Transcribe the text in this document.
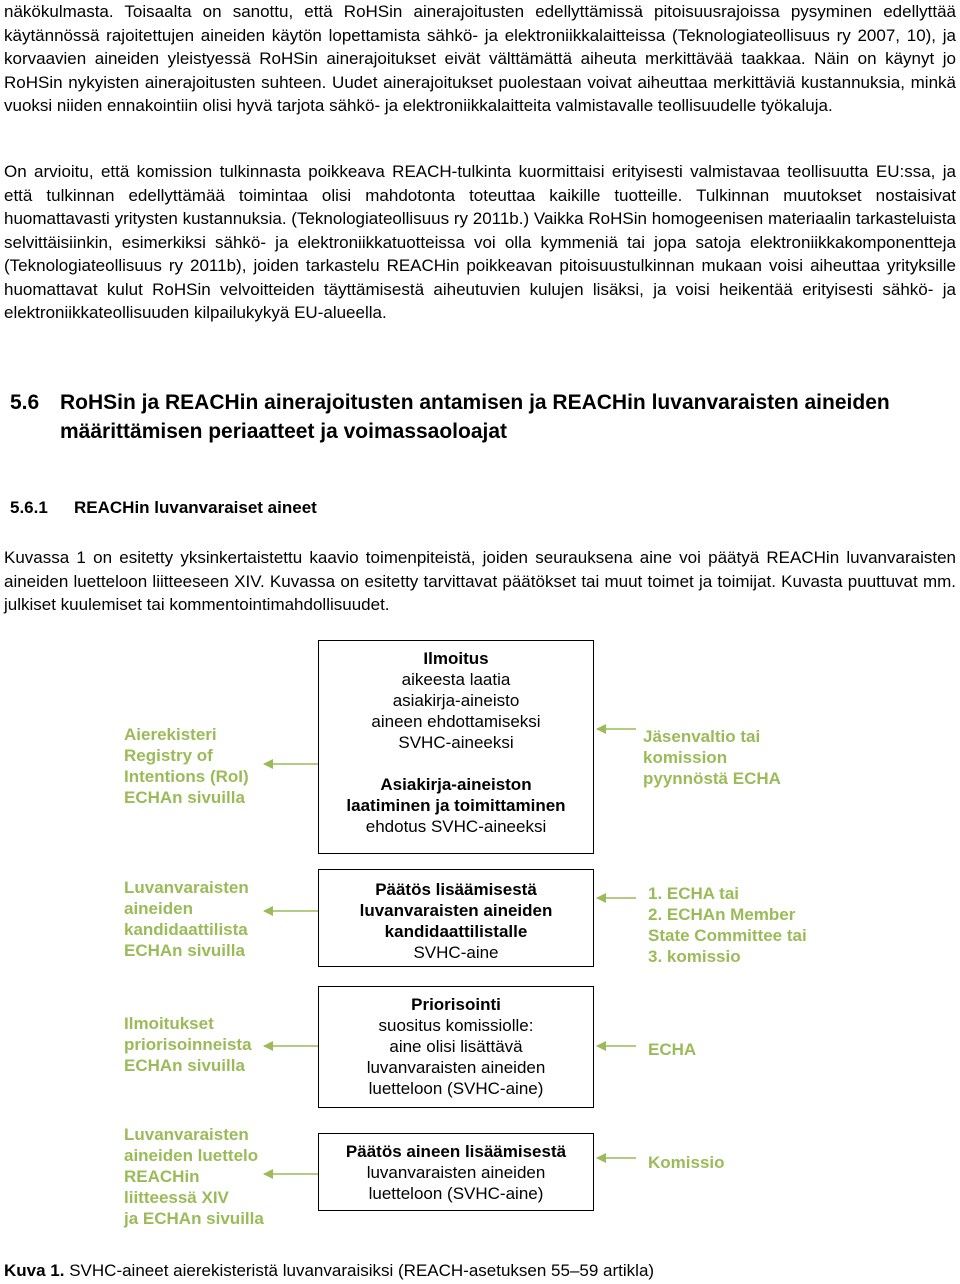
näkökulmasta. Toisaalta on sanottu, että RoHSin ainerajoitusten edellyttämissä pitoisuusrajoissa pysyminen edellyttää käytännössä rajoitettujen aineiden käytön lopettamista sähkö- ja elektroniikkalaitteissa (Teknologiateollisuus ry 2007, 10), ja korvaavien aineiden yleistyessä RoHSin ainerajoitukset eivät välttämättä aiheuta merkittävää taakkaa. Näin on käynyt jo RoHSin nykyisten ainerajoitusten suhteen. Uudet ainerajoitukset puolestaan voivat aiheuttaa merkittäviä kustannuksia, minkä vuoksi niiden ennakointiin olisi hyvä tarjota sähkö- ja elektroniikkalaitteita valmistavalle teollisuudelle työkaluja.

On arvioitu, että komission tulkinnasta poikkeava REACH-tulkinta kuormittaisi erityisesti valmistavaa teollisuutta EU:ssa, ja että tulkinnan edellyttämää toimintaa olisi mahdotonta toteuttaa kaikille tuotteille. Tulkinnan muutokset nostaisivat huomattavasti yritysten kustannuksia. (Teknologiateollisuus ry 2011b.) Vaikka RoHSin homogeenisen materiaalin tarkasteluista selvittäisiinkin, esimerkiksi sähkö- ja elektroniikkatuotteissa voi olla kymmeniä tai jopa satoja elektroniikkakomponentteja (Teknologiateollisuus ry 2011b), joiden tarkastelu REACHin poikkeavan pitoisuustulkinnan mukaan voisi aiheuttaa yrityksille huomattavat kulut RoHSin velvoitteiden täyttämisestä aiheutuvien kulujen lisäksi, ja voisi heikentää erityisesti sähkö- ja elektroniikkateollisuuden kilpailukykyä EU-alueella.

5.6 RoHSin ja REACHin ainerajoitusten antamisen ja REACHin luvanvaraisten aineiden määrittämisen periaatteet ja voimassaoloajat
5.6.1 REACHin luvanvaraiset aineet

Kuvassa 1 on esitetty yksinkertaistettu kaavio toimenpiteistä, joiden seurauksena aine voi päätyä REACHin luvanvaraisten aineiden luetteloon liitteeseen XIV. Kuvassa on esitetty tarvittavat päätökset tai muut toimet ja toimijat. Kuvasta puuttuvat mm. julkiset kuulemiset tai kommentointimahdollisuudet.

Ilmoitus
aikeesta laatia
asiakirja-aineisto
aineen ehdottamiseksi
SVHC-aineeksi
Asiakirja-aineiston
laatiminen ja toimittaminen
ehdotus SVHC-aineeksi
Päätös lisäämisestä
luvanvaraisten aineiden
kandidaattilistalle
SVHC-aine
Priorisointi
suositus komissiolle:
aine olisi lisättävä
luvanvaraisten aineiden
luetteloon (SVHC-aine)
Päätös aineen lisäämisestä
luvanvaraisten aineiden
luetteloon (SVHC-aine)
Aierekisteri
Registry of
Intentions (RoI)
ECHAn sivuilla
Luvanvaraisten
aineiden
kandidaattilista
ECHAn sivuilla
Ilmoitukset
priorisoinneista
ECHAn sivuilla
Luvanvaraisten
aineiden luettelo
REACHin
liitteessä XIV
ja ECHAn sivuilla
Jäsenvaltio tai
komission
pyynnöstä ECHA
1. ECHA tai
2. ECHAn Member
State Committee tai
3. komissio
ECHA
Komissio
Kuva 1. SVHC-aineet aierekisteristä luvanvaraisiksi (REACH-asetuksen 55–59 artikla)
